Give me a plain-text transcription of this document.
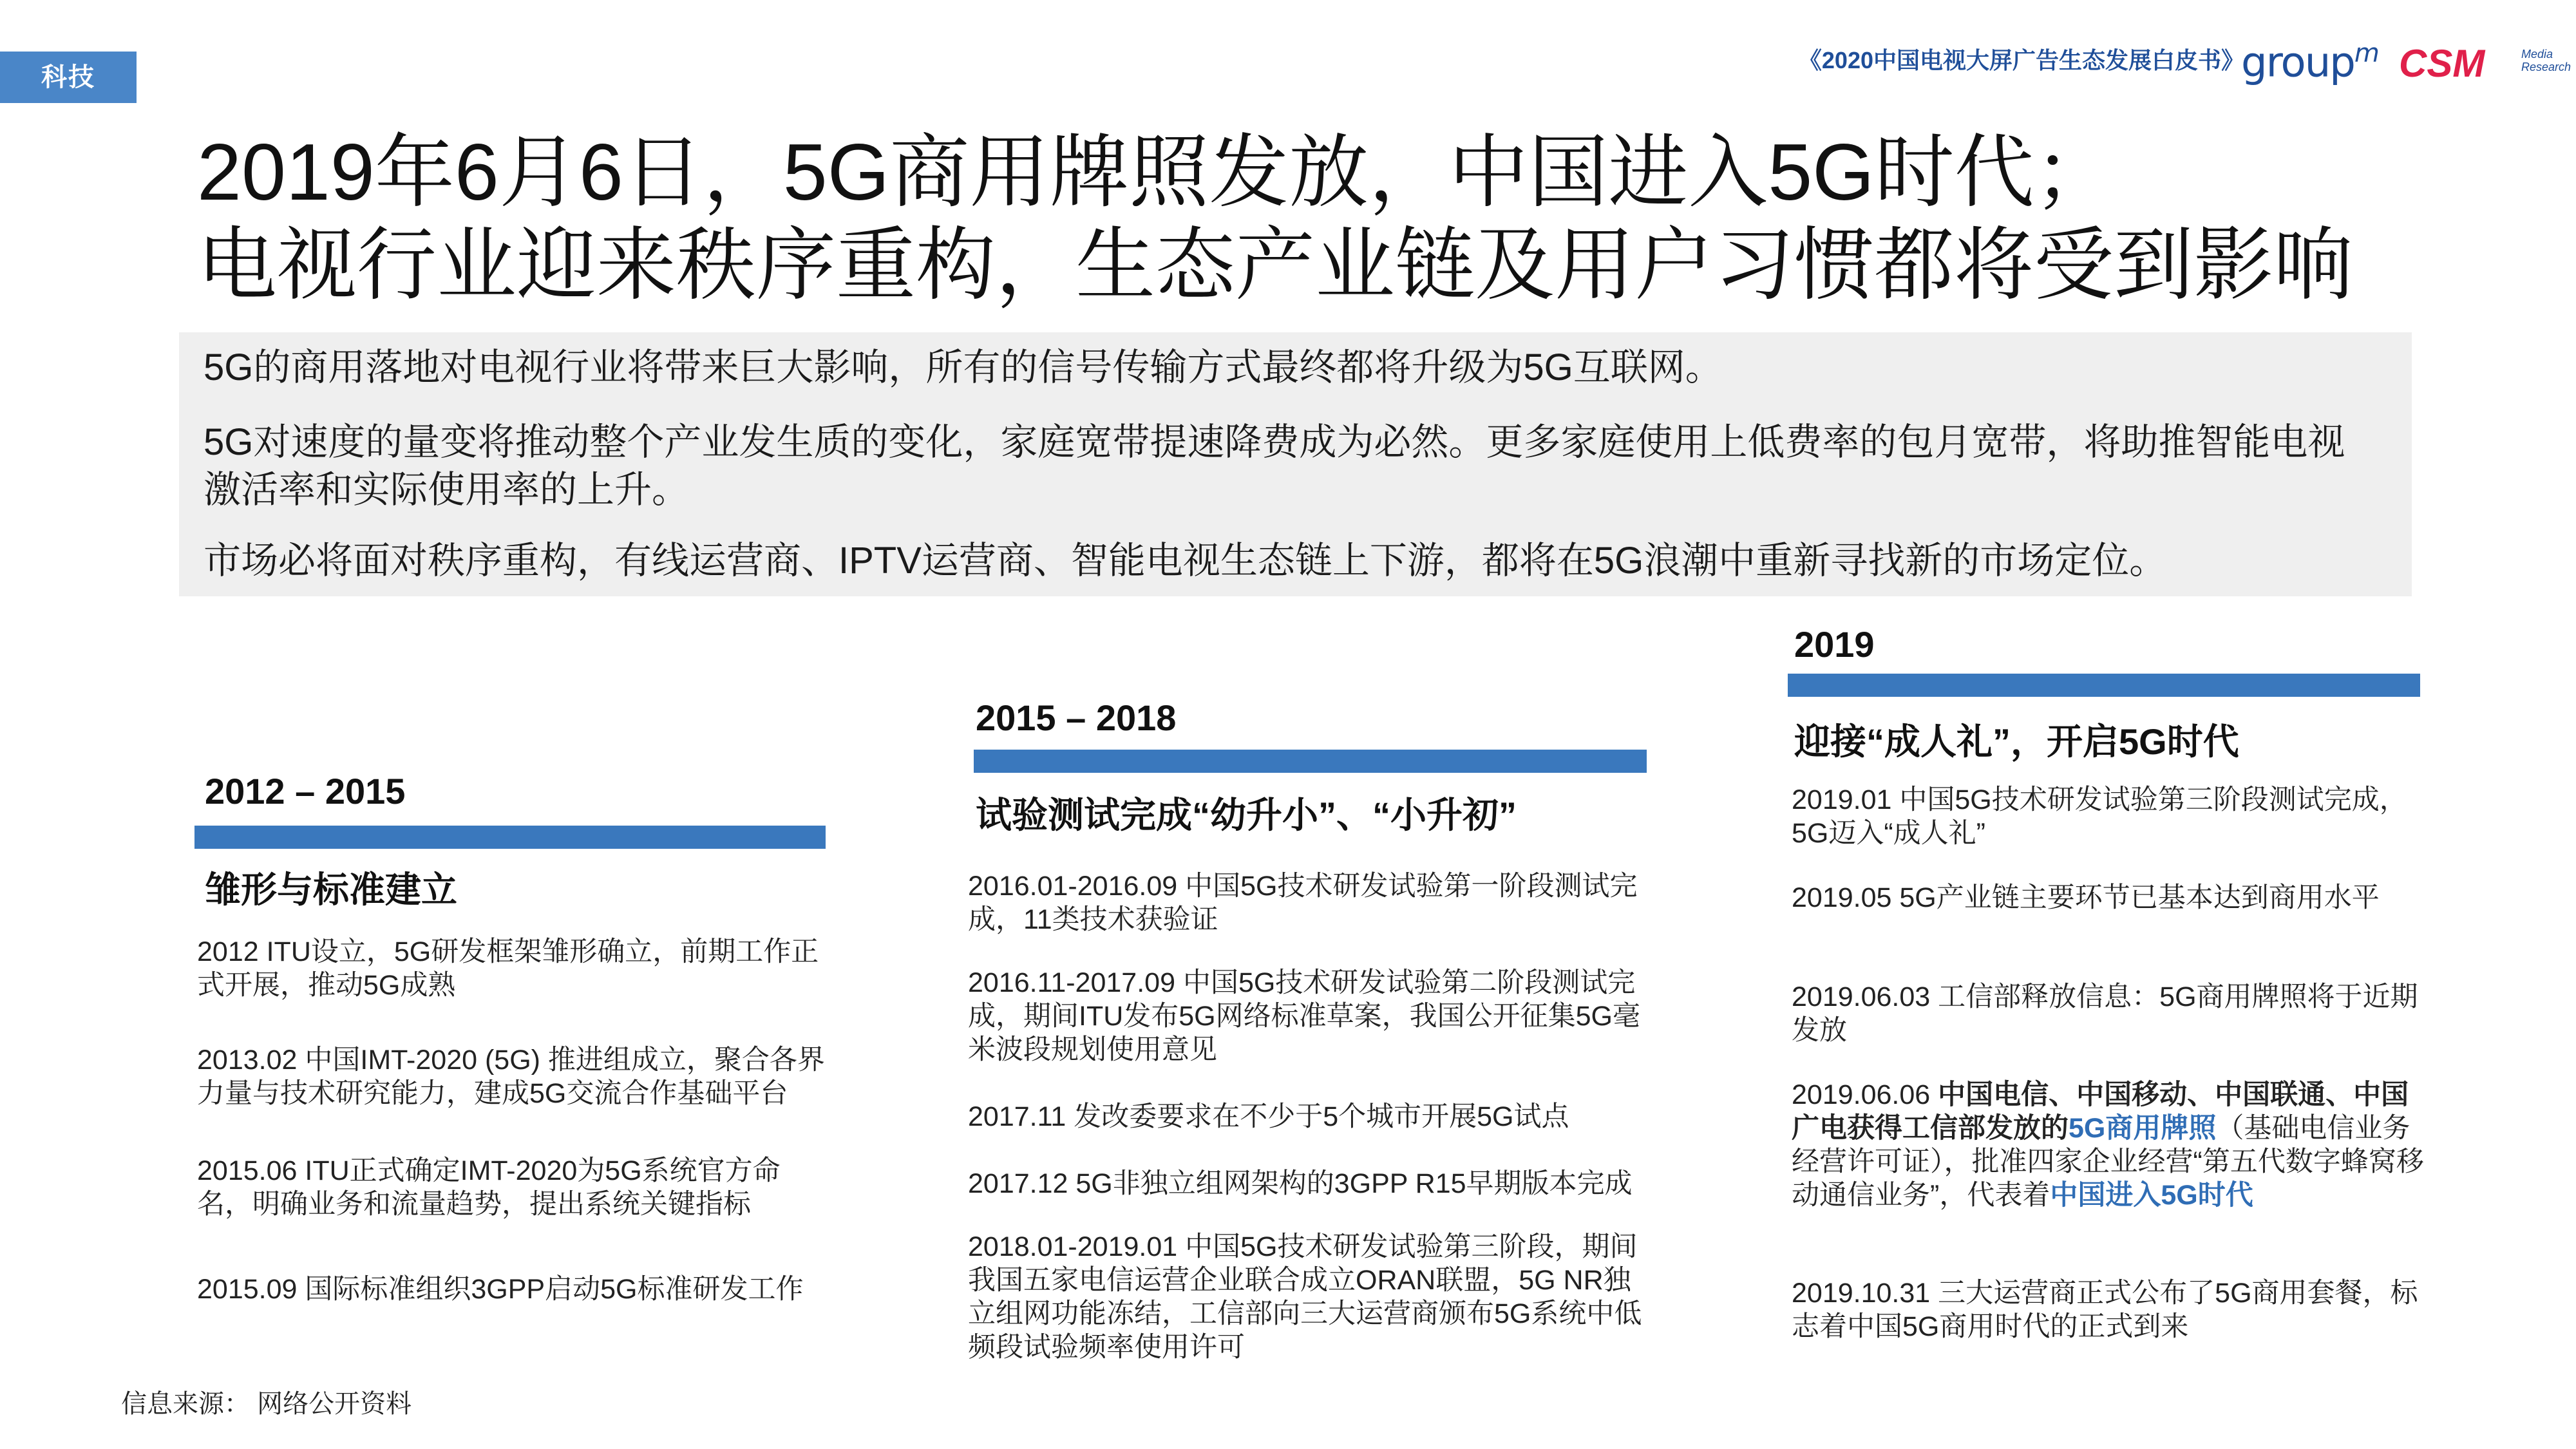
科技
《2020中国电视大屏广告生态发展白皮书》
group$^m$ CSM	Media Research
2019年6月6日，5G商用牌照发放，中国进入5G时代；
电视行业迎来秩序重构，生态产业链及用户习惯都将受到影响
5G的商用落地对电视行业将带来巨大影响，所有的信号传输方式最终都将升级为5G互联网。
5G对速度的量变将推动整个产业发生质的变化，家庭宽带提速降费成为必然。更多家庭使用上低费率的包月宽带，将助推智能电视
激活率和实际使用率的上升。
市场必将面对秩序重构，有线运营商、IPTV运营商、智能电视生态链上下游，都将在5G浪潮中重新寻找新的市场定位。
2012 – 2015
雏形与标准建立
2012 ITU设立，5G研发框架雏形确立，前期工作正式开展，推动5G成熟
2013.02 中国IMT-2020 (5G) 推进组成立，聚合各界力量与技术研究能力，建成5G交流合作基础平台
2015.06 ITU正式确定IMT-2020为5G系统官方命名，明确业务和流量趋势，提出系统关键指标
2015.09 国际标准组织3GPP启动5G标准研发工作
2015 – 2018
试验测试完成“幼升小”、“小升初”
2016.01-2016.09 中国5G技术研发试验第一阶段测试完成，11类技术获验证
2016.11-2017.09 中国5G技术研发试验第二阶段测试完成，期间ITU发布5G网络标准草案，我国公开征集5G毫米波段规划使用意见
2017.11 发改委要求在不少于5个城市开展5G试点
2017.12 5G非独立组网架构的3GPP R15早期版本完成
2018.01-2019.01 中国5G技术研发试验第三阶段，期间我国五家电信运营企业联合成立ORAN联盟，5G NR独立组网功能冻结，工信部向三大运营商颁布5G系统中低频段试验频率使用许可
2019
迎接“成人礼”，开启5G时代
2019.01 中国5G技术研发试验第三阶段测试完成，5G迈入“成人礼”
2019.05 5G产业链主要环节已基本达到商用水平
2019.06.03 工信部释放信息：5G商用牌照将于近期发放
2019.06.06 中国电信、中国移动、中国联通、中国广电获得工信部发放的5G商用牌照（基础电信业务经营许可证），批准四家企业经营“第五代数字蜂窝移动通信业务”，代表着中国进入5G时代
2019.10.31 三大运营商正式公布了5G商用套餐，标志着中国5G商用时代的正式到来
信息来源： 网络公开资料
